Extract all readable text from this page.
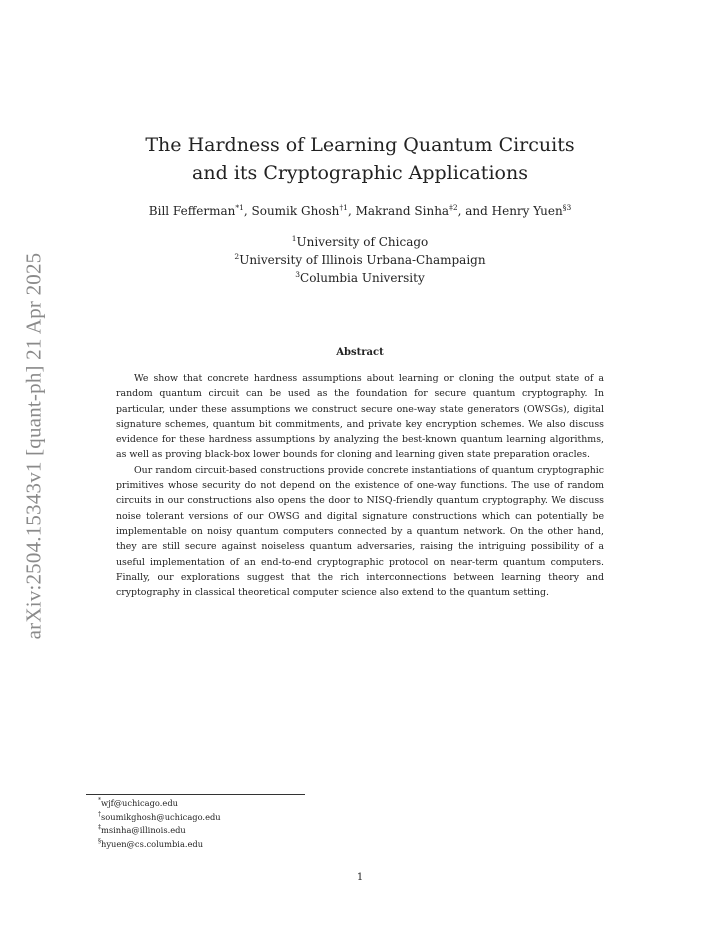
arXiv:2504.15343v1 [quant-ph] 21 Apr 2025
The Hardness of Learning Quantum Circuits
and its Cryptographic Applications
Bill Fefferman$^{*1}$, Soumik Ghosh$^{\dagger 1}$, Makrand Sinha$^{\ddagger 2}$, and Henry Yuen$^{\S 3}$
$^1$University of Chicago
$^2$University of Illinois Urbana-Champaign
$^3$Columbia University
Abstract

We show that concrete hardness assumptions about learning or cloning the output state of a random quantum circuit can be used as the foundation for secure quantum cryptography. In particular, under these assumptions we construct secure one-way state generators (OWSGs), digital signature schemes, quantum bit commitments, and private key encryption schemes. We also discuss evidence for these hardness assumptions by analyzing the best-known quantum learning algorithms, as well as proving black-box lower bounds for cloning and learning given state preparation oracles.

Our random circuit-based constructions provide concrete instantiations of quantum cryptographic primitives whose security do not depend on the existence of one-way functions. The use of random circuits in our constructions also opens the door to NISQ-friendly quantum cryptography. We discuss noise tolerant versions of our OWSG and digital signature constructions which can potentially be implementable on noisy quantum computers connected by a quantum network. On the other hand, they are still secure against noiseless quantum adversaries, raising the intriguing possibility of a useful implementation of an end-to-end cryptographic protocol on near-term quantum computers. Finally, our explorations suggest that the rich interconnections between learning theory and cryptography in classical theoretical computer science also extend to the quantum setting.

*wjf@uchicago.edu
†soumikghosh@uchicago.edu
‡msinha@illinois.edu
§hyuen@cs.columbia.edu
1
